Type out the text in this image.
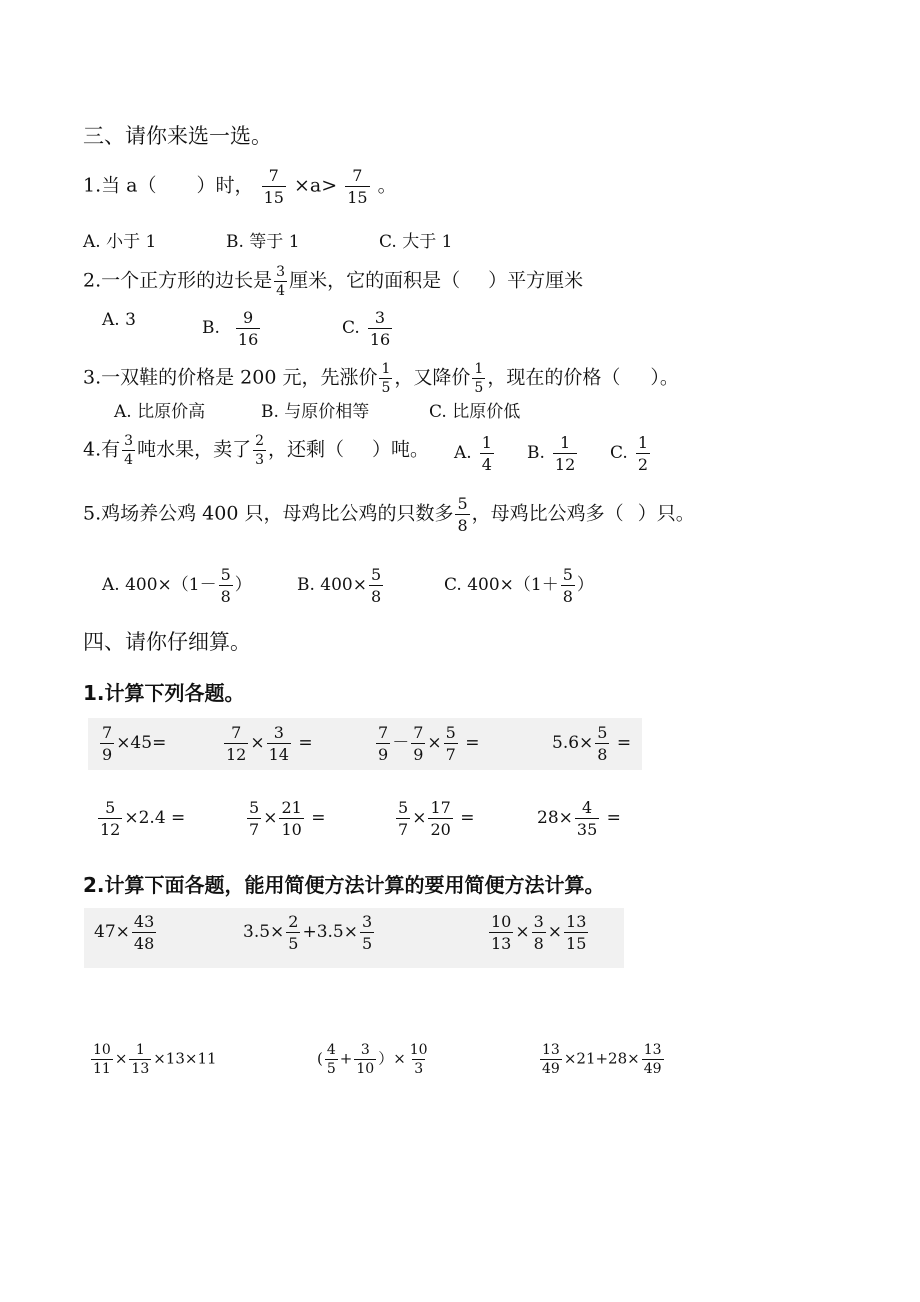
三、请你来选一选。
1.当 a（ ）时， $\frac{7}{15} \times a> \frac{7}{15}$ 。
A. 小于 1	B. 等于 1	C. 大于 1
2.一个正方形的边长是 $\frac{3}{4}$ 厘米，它的面积是（ ）平方厘米
A. 3	B. $\frac{9}{16}$	C. $\frac{3}{16}$
3.一双鞋的价格是 200 元，先涨价 $\frac{1}{5}$ ，又降价 $\frac{1}{5}$ ，现在的价格（ ）。
A. 比原价高	B. 与原价相等	C. 比原价低
4.有 $\frac{3}{4}$ 吨水果，卖了 $\frac{2}{3}$ ，还剩（ ）吨。 A. $\frac{1}{4} B$. $\frac{1}{12} C$. $\frac{1}{2}$
5.鸡场养公鸡 400 只，母鸡比公鸡的只数多 $\frac{5}{8}$ ，母鸡比公鸡多（ ）只。
A. $400\times(1- \frac{5}{8}$ ）	B. $400\times \frac{5}{8}$	C. $400\times(1+ \frac{5}{8}$ ）
四、请你仔细算。
1.计算下列各题。
$\frac{7}{9} \times 45=$	$\frac{7}{12} \times \frac{3}{14}$ =	$\frac{7}{9} - \frac{7}{9} \times \frac{5}{7}$ =	$5.6\times \frac{5}{8}$ =
$\frac{5}{12} \times 2.4$ =	$\frac{5}{7} \times \frac{21}{10}$ =	$\frac{5}{7} \times \frac{17}{20}$ =	$28\times \frac{4}{35}$ =
2.计算下面各题，能用简便方法计算的要用简便方法计算。
$47\times \frac{43}{48}$	$3.5\times \frac{2}{5} +3.5\times \frac{3}{5}$	$\frac{10}{13} \times \frac{3}{8} \times \frac{13}{15}$
$\frac{10}{11} \times \frac{1}{13} \times 13\times 11$	( $\frac{4}{5} + \frac{3}{10}$ ）× $\frac{10}{3}$	$\frac{13}{49} \times 21+28\times \frac{13}{49}$
